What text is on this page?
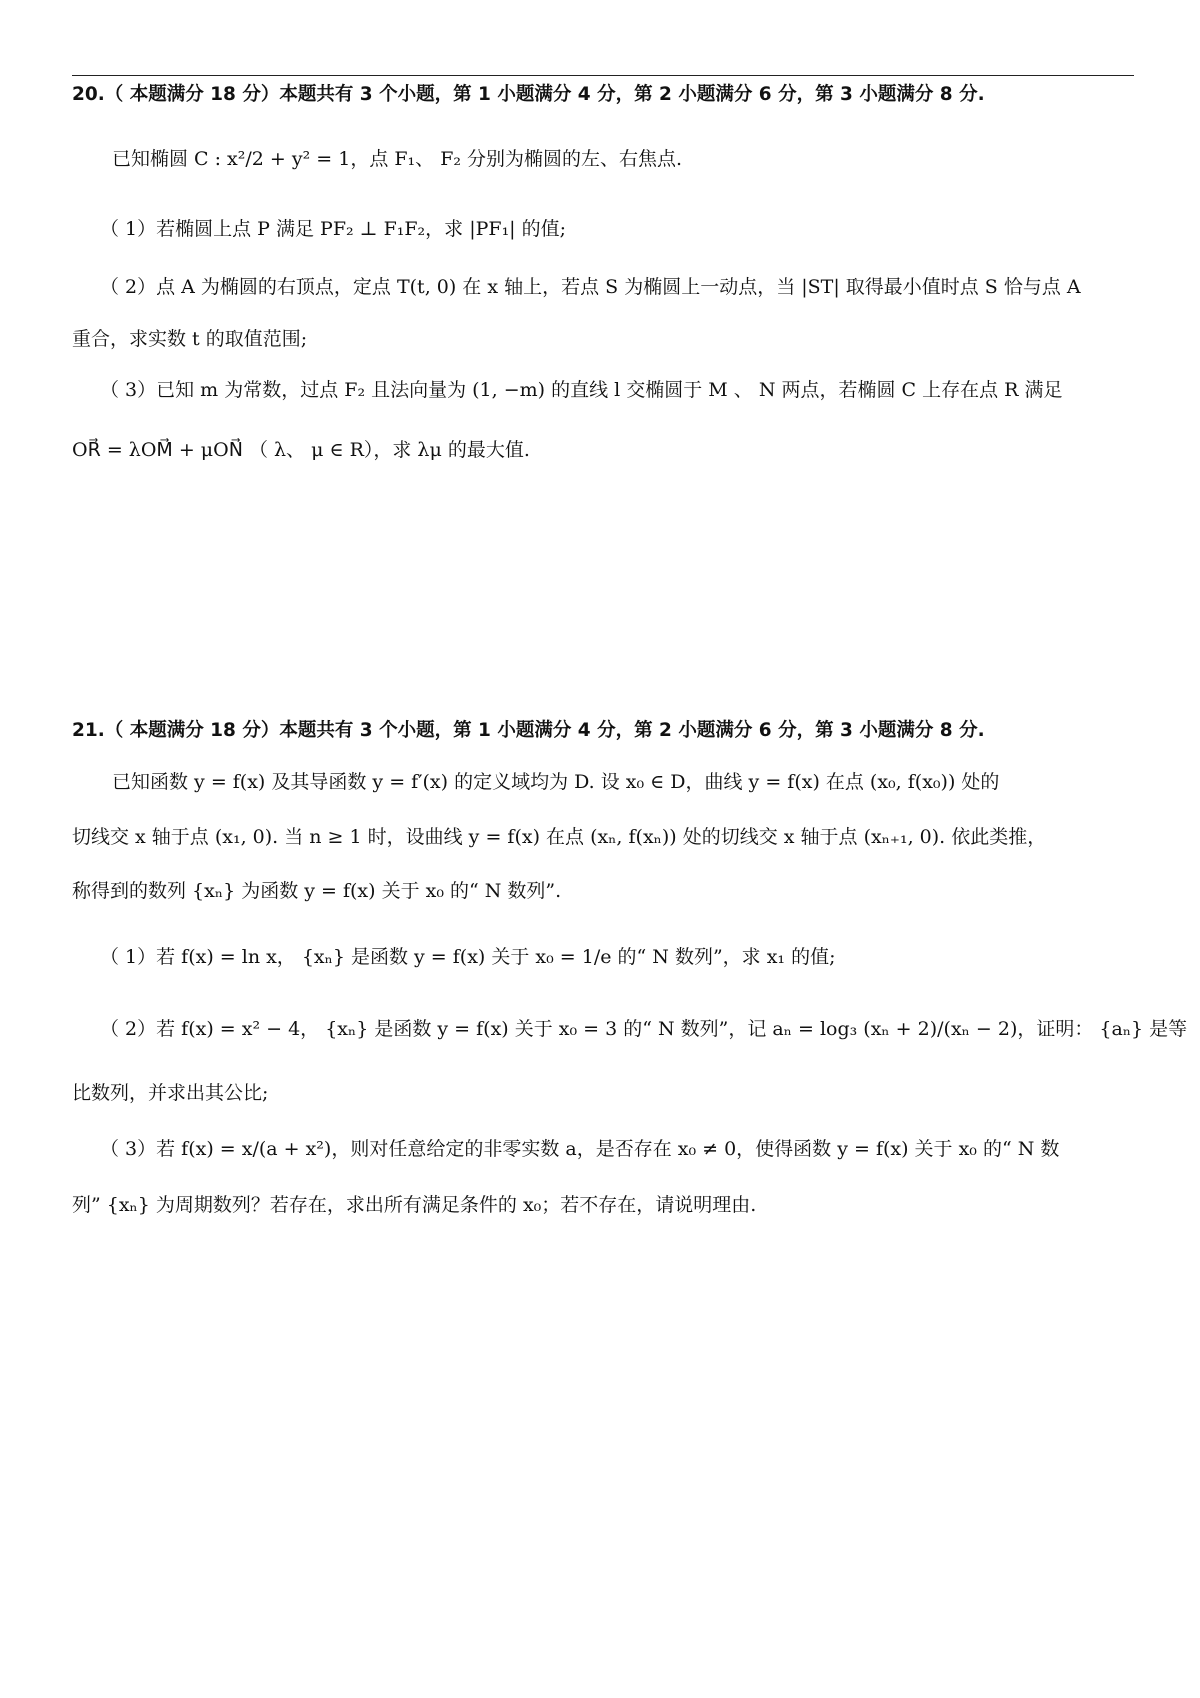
20.（ 本题满分 18 分）本题共有 3 个小题，第 1 小题满分 4 分，第 2 小题满分 6 分，第 3 小题满分 8 分.
已知椭圆 C : x²/2 + y² = 1，点 F₁、 F₂ 分别为椭圆的左、右焦点.
（ 1）若椭圆上点 P 满足 PF₂ ⊥ F₁F₂，求 |PF₁| 的值;
（ 2）点 A 为椭圆的右顶点，定点 T(t, 0) 在 x 轴上，若点 S 为椭圆上一动点，当 |ST| 取得最小值时点 S 恰与点 A
重合，求实数 t 的取值范围;
（ 3）已知 m 为常数，过点 F₂ 且法向量为 (1, −m) 的直线 l 交椭圆于 M 、 N 两点，若椭圆 C 上存在点 R 满足
OR⃗ = λOM⃗ + μON⃗ （ λ、 μ ∈ R），求 λμ 的最大值.
21.（ 本题满分 18 分）本题共有 3 个小题，第 1 小题满分 4 分，第 2 小题满分 6 分，第 3 小题满分 8 分.
已知函数 y = f(x) 及其导函数 y = f′(x) 的定义域均为 D. 设 x₀ ∈ D，曲线 y = f(x) 在点 (x₀, f(x₀)) 处的
切线交 x 轴于点 (x₁, 0). 当 n ≥ 1 时，设曲线 y = f(x) 在点 (xₙ, f(xₙ)) 处的切线交 x 轴于点 (xₙ₊₁, 0). 依此类推，
称得到的数列 {xₙ} 为函数 y = f(x) 关于 x₀ 的“ N 数列”.
（ 1）若 f(x) = ln x， {xₙ} 是函数 y = f(x) 关于 x₀ = 1/e 的“ N 数列”，求 x₁ 的值;
（ 2）若 f(x) = x² − 4， {xₙ} 是函数 y = f(x) 关于 x₀ = 3 的“ N 数列”，记 aₙ = log₃ (xₙ + 2)/(xₙ − 2)，证明： {aₙ} 是等
比数列，并求出其公比;
（ 3）若 f(x) = x/(a + x²)，则对任意给定的非零实数 a，是否存在 x₀ ≠ 0，使得函数 y = f(x) 关于 x₀ 的“ N 数
列” {xₙ} 为周期数列？若存在，求出所有满足条件的 x₀；若不存在，请说明理由.
